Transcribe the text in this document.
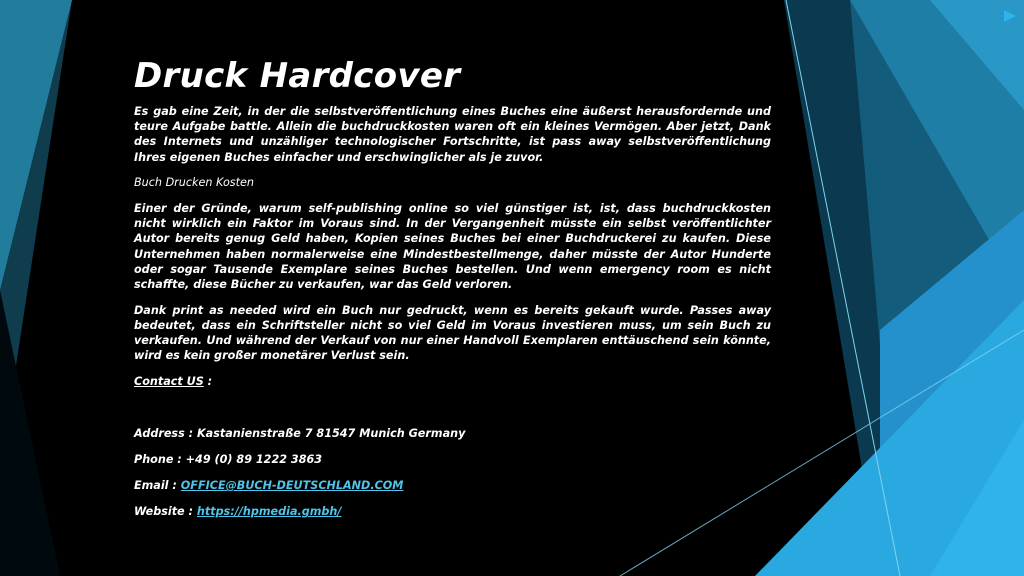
Druck Hardcover
Es gab eine Zeit, in der die selbstveröffentlichung eines Buches eine äußerst herausfordernde und teure Aufgabe battle. Allein die buchdruckkosten waren oft ein kleines Vermögen. Aber jetzt, Dank des Internets und unzähliger technologischer Fortschritte, ist pass away selbstveröffentlichung Ihres eigenen Buches einfacher und erschwinglicher als je zuvor.
Buch Drucken Kosten
Einer der Gründe, warum self-publishing online so viel günstiger ist, ist, dass buchdruckkosten nicht wirklich ein Faktor im Voraus sind. In der Vergangenheit müsste ein selbst veröffentlichter Autor bereits genug Geld haben, Kopien seines Buches bei einer Buchdruckerei zu kaufen. Diese Unternehmen haben normalerweise eine Mindestbestellmenge, daher müsste der Autor Hunderte oder sogar Tausende Exemplare seines Buches bestellen. Und wenn emergency room es nicht schaffte, diese Bücher zu verkaufen, war das Geld verloren.
Dank print as needed wird ein Buch nur gedruckt, wenn es bereits gekauft wurde. Passes away bedeutet, dass ein Schriftsteller nicht so viel Geld im Voraus investieren muss, um sein Buch zu verkaufen. Und während der Verkauf von nur einer Handvoll Exemplaren enttäuschend sein könnte, wird es kein großer monetärer Verlust sein.
Contact US :
Address : Kastanienstraße 7 81547 Munich Germany
Phone : +49 (0) 89 1222 3863
Email : OFFICE@BUCH-DEUTSCHLAND.COM
Website : https://hpmedia.gmbh/
